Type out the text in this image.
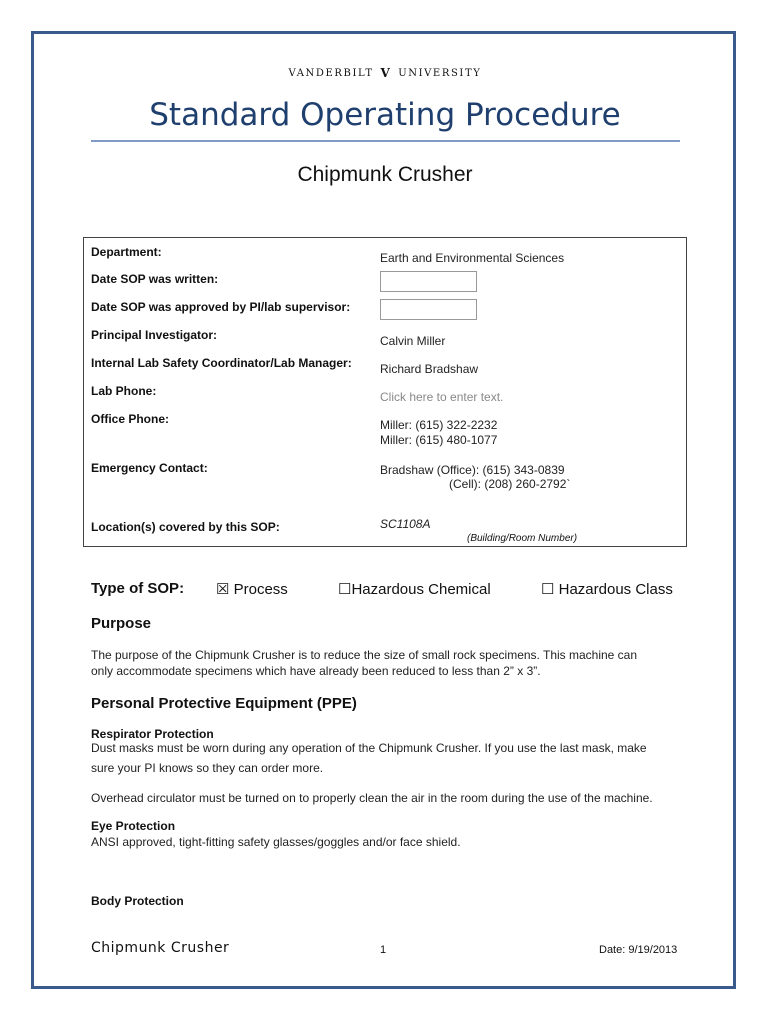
VANDERBILT V UNIVERSITY
Standard Operating Procedure
Chipmunk Crusher
Department:	Earth and Environmental Sciences
Date SOP was written:
Date SOP was approved by PI/lab supervisor:
Principal Investigator:	Calvin Miller
Internal Lab Safety Coordinator/Lab Manager: Richard Bradshaw
Lab Phone:	Click here to enter text.
Office Phone:	Miller: (615) 322-2232
Miller: (615) 480-1077
Emergency Contact:	Bradshaw (Office): (615) 343-0839
(Cell): (208) 260-2792`
Location(s) covered by this SOP:	SC1108A
(Building/Room Number)
Type of SOP: ☒ Process	☐Hazardous Chemical	☐ Hazardous Class
Purpose
The purpose of the Chipmunk Crusher is to reduce the size of small rock specimens. This machine can
only accommodate specimens which have already been reduced to less than 2” x 3”.
Personal Protective Equipment (PPE)
Respirator Protection
Dust masks must be worn during any operation of the Chipmunk Crusher. If you use the last mask, make
sure your PI knows so they can order more.
Overhead circulator must be turned on to properly clean the air in the room during the use of the machine.
Eye Protection
ANSI approved, tight-fitting safety glasses/goggles and/or face shield.
Body Protection
Chipmunk Crusher	1	Date: 9/19/2013
